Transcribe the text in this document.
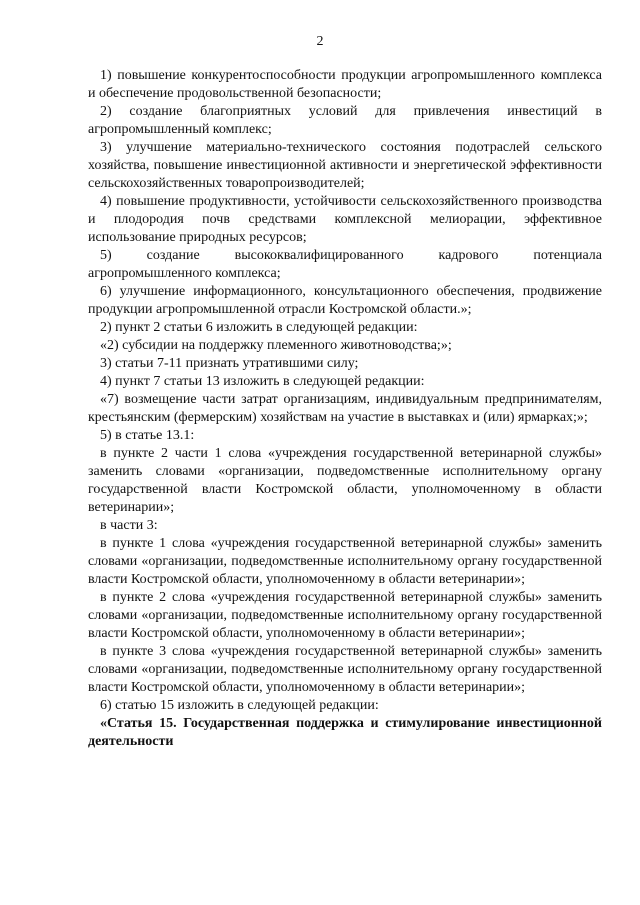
2

1) повышение конкурентоспособности продукции агропромышленного комплекса и обеспечение продовольственной безопасности;

2) создание благоприятных условий для привлечения инвестиций в агропромышленный комплекс;

3) улучшение материально-технического состояния подотраслей сельского хозяйства, повышение инвестиционной активности и энергетической эффективности сельскохозяйственных товаропроизводителей;

4) повышение продуктивности, устойчивости сельскохозяйственного производства и плодородия почв средствами комплексной мелиорации, эффективное использование природных ресурсов;

5) создание высококвалифицированного кадрового потенциала агропромышленного комплекса;

6) улучшение информационного, консультационного обеспечения, продвижение продукции агропромышленной отрасли Костромской области.»;

2) пункт 2 статьи 6 изложить в следующей редакции:

«2) субсидии на поддержку племенного животноводства;»;

3) статьи 7-11 признать утратившими силу;

4) пункт 7 статьи 13 изложить в следующей редакции:

«7) возмещение части затрат организациям, индивидуальным предпринимателям, крестьянским (фермерским) хозяйствам на участие в выставках и (или) ярмарках;»;

5) в статье 13.1:

в пункте 2 части 1 слова «учреждения государственной ветеринарной службы» заменить словами «организации, подведомственные исполнительному органу государственной власти Костромской области, уполномоченному в области ветеринарии»;

в части 3:

в пункте 1 слова «учреждения государственной ветеринарной службы» заменить словами «организации, подведомственные исполнительному органу государственной власти Костромской области, уполномоченному в области ветеринарии»;

в пункте 2 слова «учреждения государственной ветеринарной службы» заменить словами «организации, подведомственные исполнительному органу государственной власти Костромской области, уполномоченному в области ветеринарии»;

в пункте 3 слова «учреждения государственной ветеринарной службы» заменить словами «организации, подведомственные исполнительному органу государственной власти Костромской области, уполномоченному в области ветеринарии»;

6) статью 15 изложить в следующей редакции:

«Статья 15. Государственная поддержка и стимулирование инвестиционной деятельности
